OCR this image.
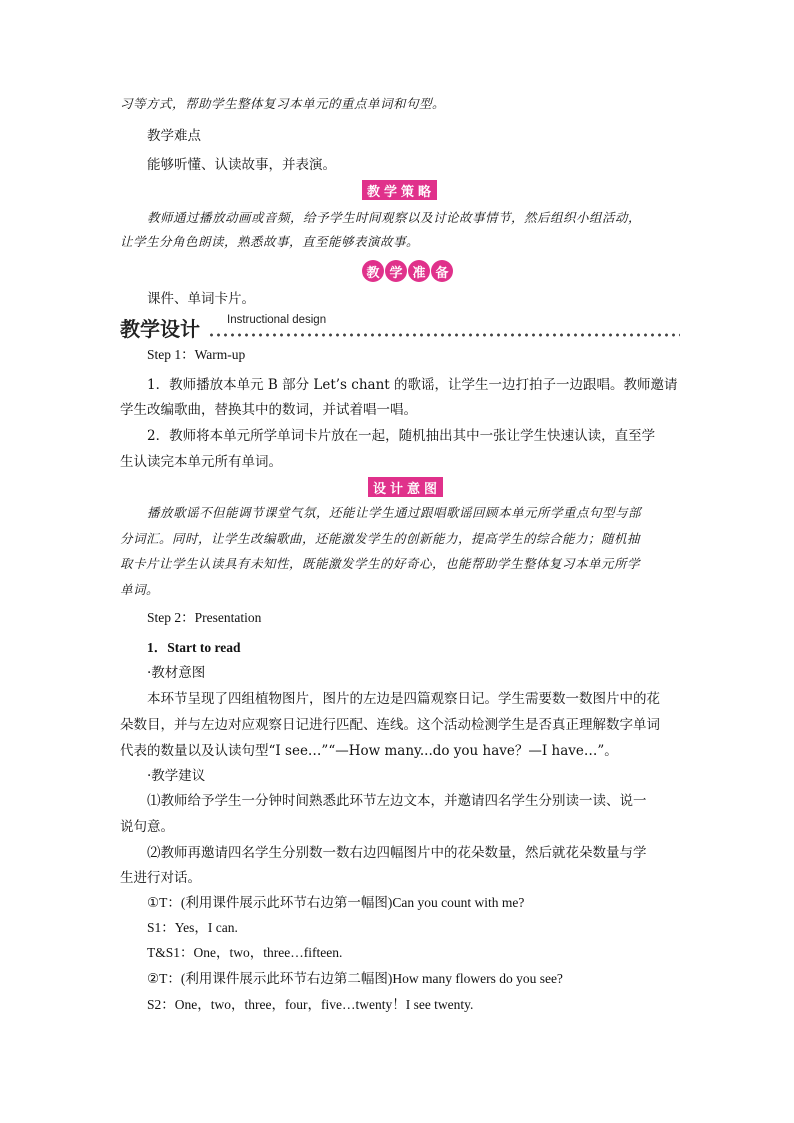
习等方式，帮助学生整体复习本单元的重点单词和句型。
教学难点
能够听懂、认读故事，并表演。
教 学 策 略
教师通过播放动画或音频，给予学生时间观察以及讨论故事情节，然后组织小组活动，
让学生分角色朗读，熟悉故事，直至能够表演故事。
教 学 准 备
课件、单词卡片。
教学设计 Instructional design
Step 1：Warm-up
1．教师播放本单元 B 部分 Let’s chant 的歌谣，让学生一边打拍子一边跟唱。教师邀请
学生改编歌曲，替换其中的数词，并试着唱一唱。
2．教师将本单元所学单词卡片放在一起，随机抽出其中一张让学生快速认读，直至学
生认读完本单元所有单词。
设 计 意 图
播放歌谣不但能调节课堂气氛，还能让学生通过跟唱歌谣回顾本单元所学重点句型与部
分词汇。同时，让学生改编歌曲，还能激发学生的创新能力，提高学生的综合能力；随机抽
取卡片让学生认读具有未知性，既能激发学生的好奇心，也能帮助学生整体复习本单元所学
单词。
Step 2：Presentation
1．Start to read
·教材意图
本环节呈现了四组植物图片，图片的左边是四篇观察日记。学生需要数一数图片中的花
朵数目，并与左边对应观察日记进行匹配、连线。这个活动检测学生是否真正理解数字单词
代表的数量以及认读句型“I see…”“—How many...do you have？—I have…”。
·教学建议
⑴教师给予学生一分钟时间熟悉此环节左边文本，并邀请四名学生分别读一读、说一
说句意。
⑵教师再邀请四名学生分别数一数右边四幅图片中的花朵数量，然后就花朵数量与学
生进行对话。
①T：(利用课件展示此环节右边第一幅图)Can you count with me?
S1：Yes，I can.
T&S1：One，two，three…fifteen.
②T：(利用课件展示此环节右边第二幅图)How many flowers do you see?
S2：One，two，three，four，five…twenty！I see twenty.
